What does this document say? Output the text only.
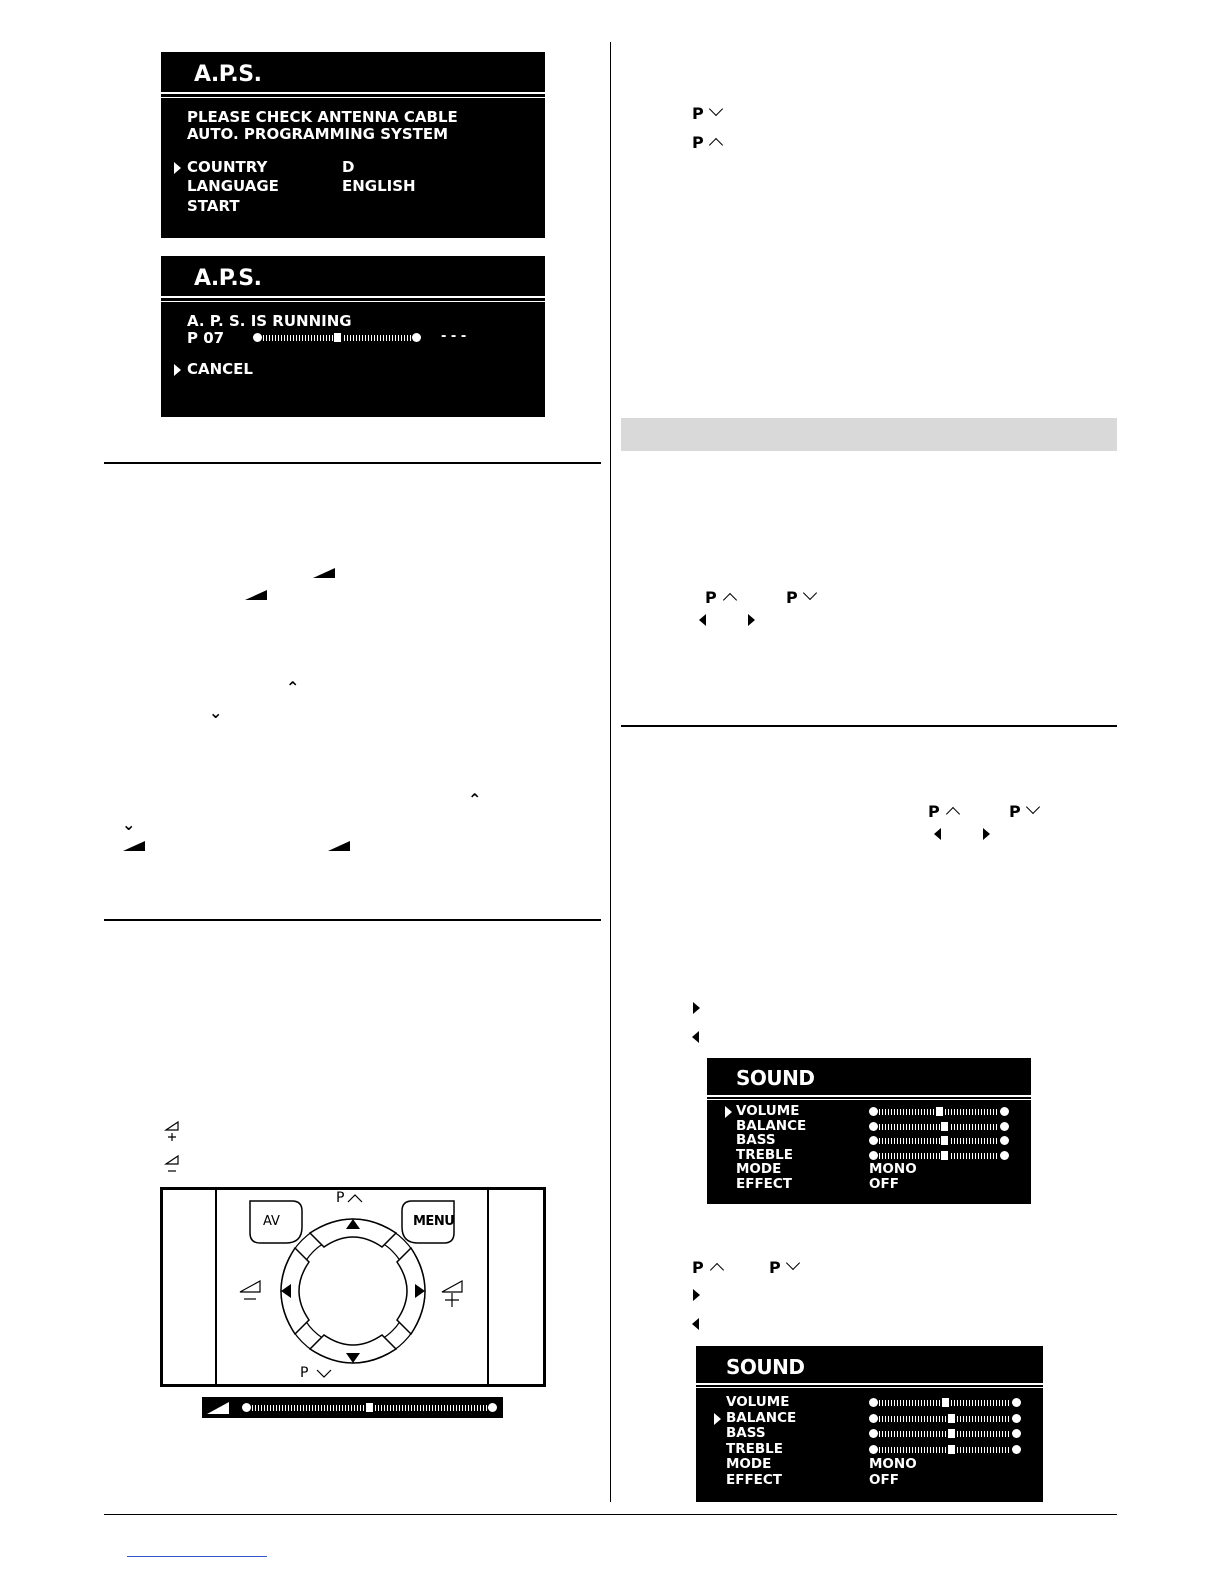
A.P.S.
PLEASE CHECK ANTENNA CABLE
AUTO. PROGRAMMING SYSTEM
COUNTRY	D
LANGUAGE	ENGLISH
START
A.P.S.
A. P. S. IS RUNNING
P 07	- - -
CANCEL
⌃
⌄
⌃
⌄
AV	MENU
P
P
P
P
P	P
P	P
SOUND
VOLUME
BALANCE
BASS
TREBLE
MODE	MONO
EFFECT	OFF
P	P
SOUND
VOLUME
BALANCE
BASS
TREBLE
MODE	MONO
EFFECT	OFF
